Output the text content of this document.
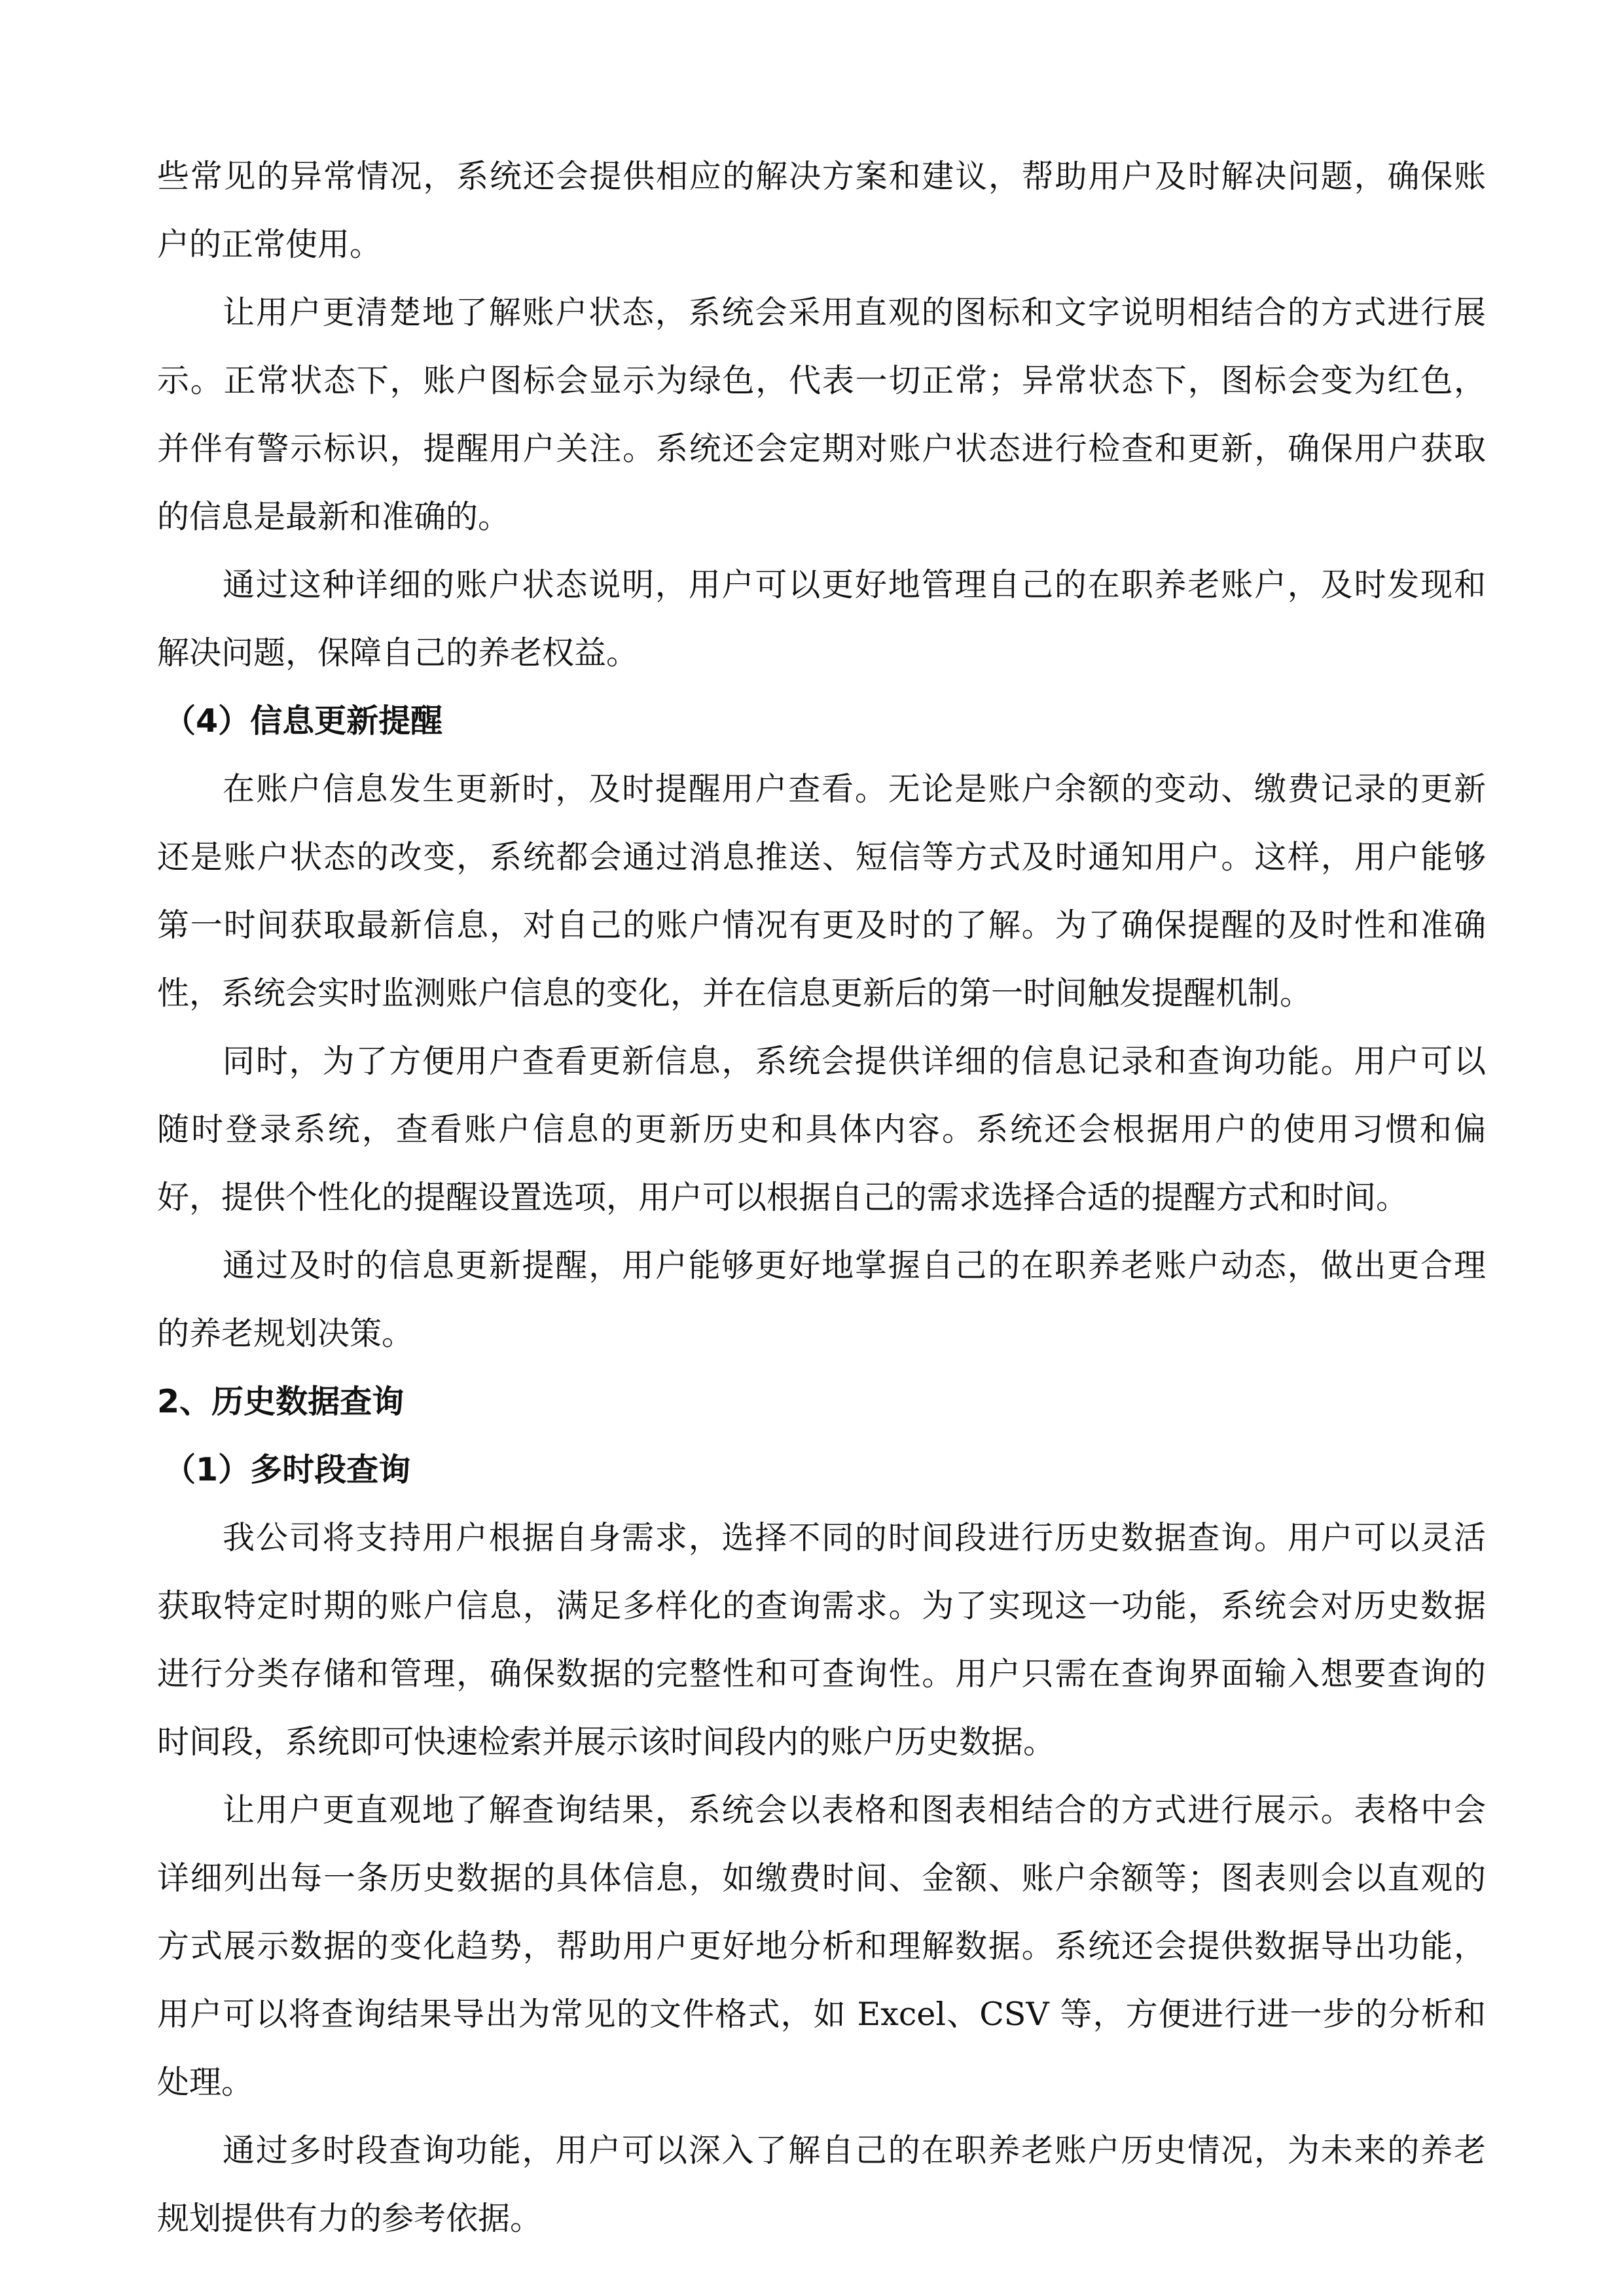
些常见的异常情况，系统还会提供相应的解决方案和建议，帮助用户及时解决问题，确保账
户的正常使用。
让用户更清楚地了解账户状态，系统会采用直观的图标和文字说明相结合的方式进行展
示。正常状态下，账户图标会显示为绿色，代表一切正常；异常状态下，图标会变为红色，
并伴有警示标识，提醒用户关注。系统还会定期对账户状态进行检查和更新，确保用户获取
的信息是最新和准确的。
通过这种详细的账户状态说明，用户可以更好地管理自己的在职养老账户，及时发现和
解决问题，保障自己的养老权益。
（4）信息更新提醒
在账户信息发生更新时，及时提醒用户查看。无论是账户余额的变动、缴费记录的更新
还是账户状态的改变，系统都会通过消息推送、短信等方式及时通知用户。这样，用户能够
第一时间获取最新信息，对自己的账户情况有更及时的了解。为了确保提醒的及时性和准确
性，系统会实时监测账户信息的变化，并在信息更新后的第一时间触发提醒机制。
同时，为了方便用户查看更新信息，系统会提供详细的信息记录和查询功能。用户可以
随时登录系统，查看账户信息的更新历史和具体内容。系统还会根据用户的使用习惯和偏
好，提供个性化的提醒设置选项，用户可以根据自己的需求选择合适的提醒方式和时间。
通过及时的信息更新提醒，用户能够更好地掌握自己的在职养老账户动态，做出更合理
的养老规划决策。
2、历史数据查询
（1）多时段查询
我公司将支持用户根据自身需求，选择不同的时间段进行历史数据查询。用户可以灵活
获取特定时期的账户信息，满足多样化的查询需求。为了实现这一功能，系统会对历史数据
进行分类存储和管理，确保数据的完整性和可查询性。用户只需在查询界面输入想要查询的
时间段，系统即可快速检索并展示该时间段内的账户历史数据。
让用户更直观地了解查询结果，系统会以表格和图表相结合的方式进行展示。表格中会
详细列出每一条历史数据的具体信息，如缴费时间、金额、账户余额等；图表则会以直观的
方式展示数据的变化趋势，帮助用户更好地分析和理解数据。系统还会提供数据导出功能，
用户可以将查询结果导出为常见的文件格式，如 Excel、CSV 等，方便进行进一步的分析和
处理。
通过多时段查询功能，用户可以深入了解自己的在职养老账户历史情况，为未来的养老
规划提供有力的参考依据。
